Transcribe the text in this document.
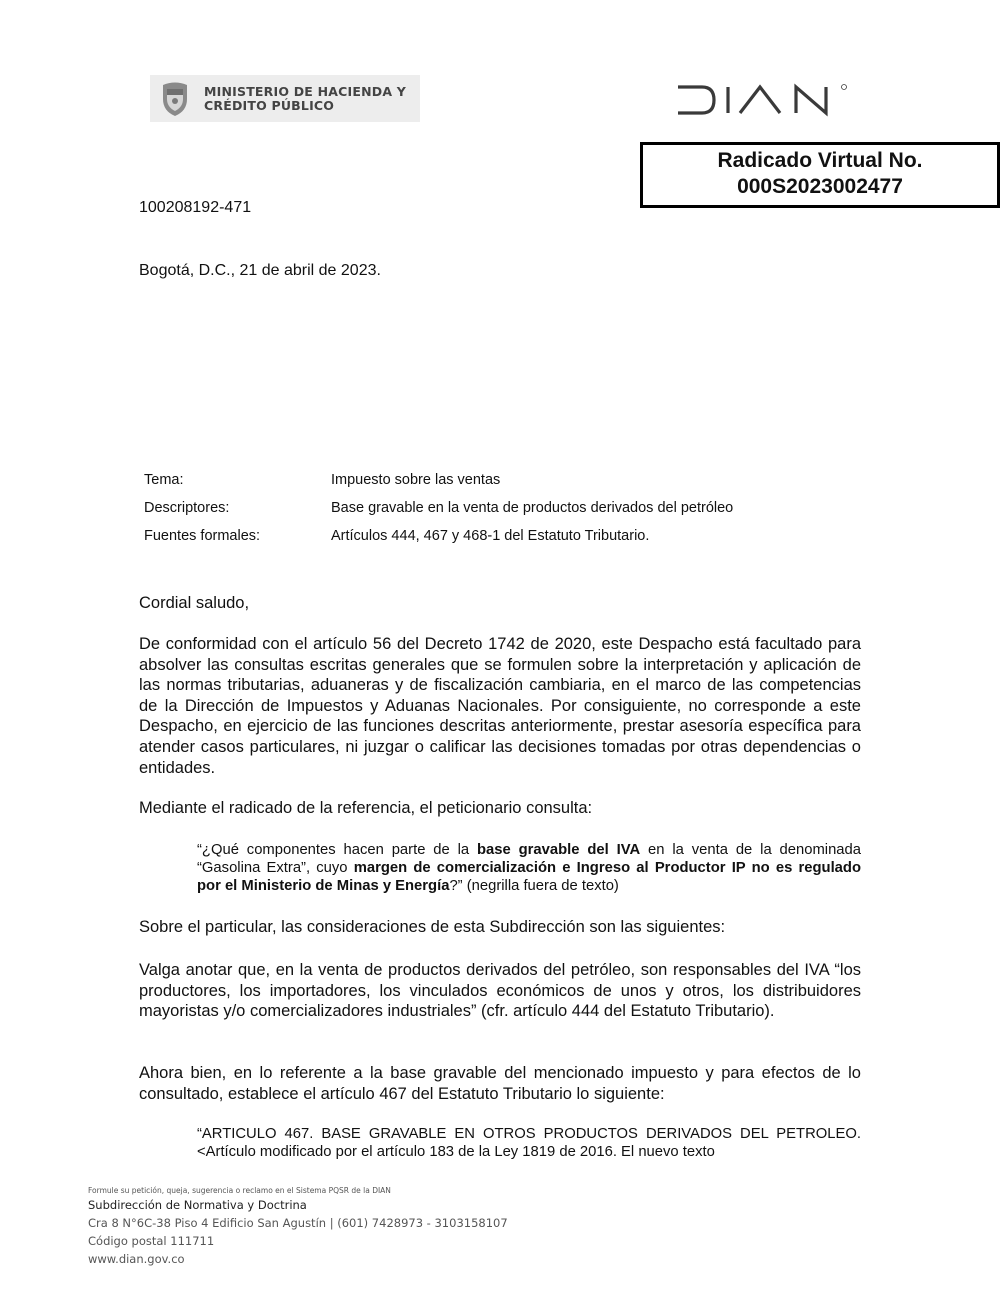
MINISTERIO DE HACIENDA Y
CRÉDITO PÚBLICO
Radicado Virtual No.
000S2023002477
100208192-471
Bogotá, D.C., 21 de abril de 2023.
Tema:	Impuesto sobre las ventas
Descriptores:	Base gravable en la venta de productos derivados del petróleo
Fuentes formales:	Artículos 444, 467 y 468-1 del Estatuto Tributario.
Cordial saludo,
De conformidad con el artículo 56 del Decreto 1742 de 2020, este Despacho está facultado para absolver las consultas escritas generales que se formulen sobre la interpretación y aplicación de las normas tributarias, aduaneras y de fiscalización cambiaria, en el marco de las competencias de la Dirección de Impuestos y Aduanas Nacionales. Por consiguiente, no corresponde a este Despacho, en ejercicio de las funciones descritas anteriormente, prestar asesoría específica para atender casos particulares, ni juzgar o calificar las decisiones tomadas por otras dependencias o entidades.
Mediante el radicado de la referencia, el peticionario consulta:
“¿Qué componentes hacen parte de la base gravable del IVA en la venta de la denominada “Gasolina Extra”, cuyo margen de comercialización e Ingreso al Productor IP no es regulado por el Ministerio de Minas y Energía?” (negrilla fuera de texto)
Sobre el particular, las consideraciones de esta Subdirección son las siguientes:
Valga anotar que, en la venta de productos derivados del petróleo, son responsables del IVA “los productores, los importadores, los vinculados económicos de unos y otros, los distribuidores mayoristas y/o comercializadores industriales” (cfr. artículo 444 del Estatuto Tributario).
Ahora bien, en lo referente a la base gravable del mencionado impuesto y para efectos de lo consultado, establece el artículo 467 del Estatuto Tributario lo siguiente:
“ARTICULO 467. BASE GRAVABLE EN OTROS PRODUCTOS DERIVADOS DEL PETROLEO. <Artículo modificado por el artículo 183 de la Ley 1819 de 2016. El nuevo texto
Formule su petición, queja, sugerencia o reclamo en el Sistema PQSR de la DIAN
Subdirección de Normativa y Doctrina
Cra 8 N°6C-38 Piso 4 Edificio San Agustín | (601) 7428973 - 3103158107
Código postal 111711
www.dian.gov.co
